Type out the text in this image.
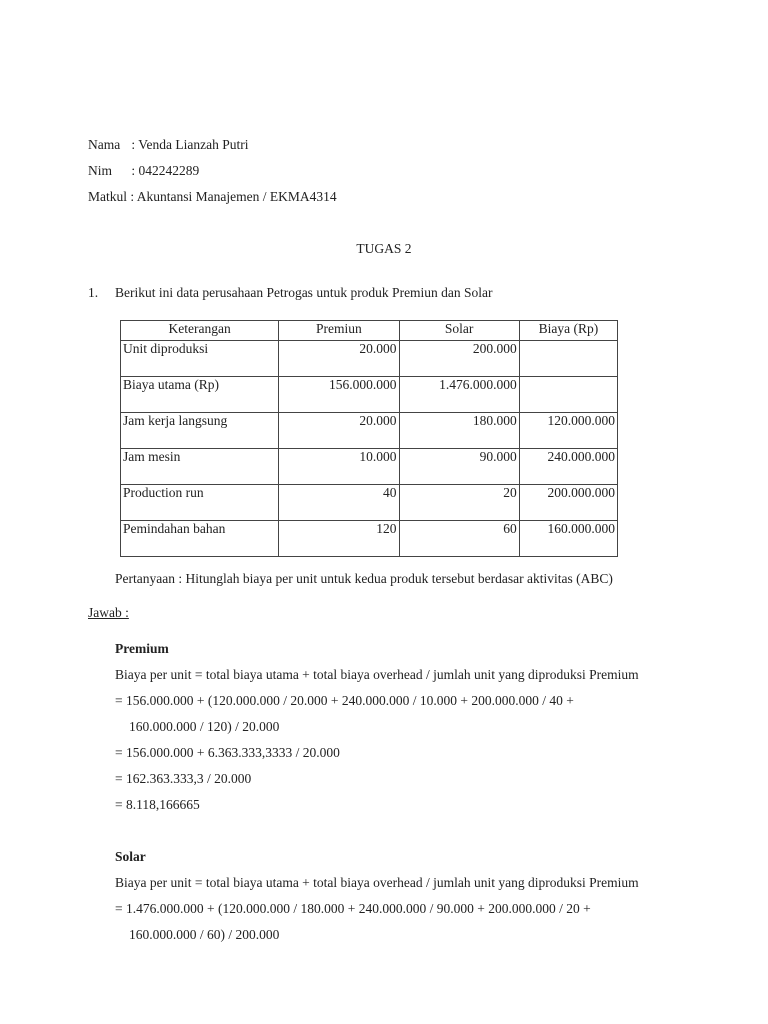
Nama : Venda Lianzah Putri
Nim : 042242289
Matkul : Akuntansi Manajemen / EKMA4314
TUGAS 2
1. Berikut ini data perusahaan Petrogas untuk produk Premiun dan Solar
Keterangan	Premiun	Solar	Biaya (Rp)
Unit diproduksi	20.000	200.000	
Biaya utama (Rp)	156.000.000	1.476.000.000	
Jam kerja langsung	20.000	180.000	120.000.000
Jam mesin	10.000	90.000	240.000.000
Production run	40	20	200.000.000
Pemindahan bahan	120	60	160.000.000
Pertanyaan : Hitunglah biaya per unit untuk kedua produk tersebut berdasar aktivitas (ABC)
Jawab :
Premium
Biaya per unit = total biaya utama + total biaya overhead / jumlah unit yang diproduksi Premium
= 156.000.000 + (120.000.000 / 20.000 + 240.000.000 / 10.000 + 200.000.000 / 40 +
160.000.000 / 120) / 20.000
= 156.000.000 + 6.363.333,3333 / 20.000
= 162.363.333,3 / 20.000
= 8.118,166665
Solar
Biaya per unit = total biaya utama + total biaya overhead / jumlah unit yang diproduksi Premium
= 1.476.000.000 + (120.000.000 / 180.000 + 240.000.000 / 90.000 + 200.000.000 / 20 +
160.000.000 / 60) / 200.000
